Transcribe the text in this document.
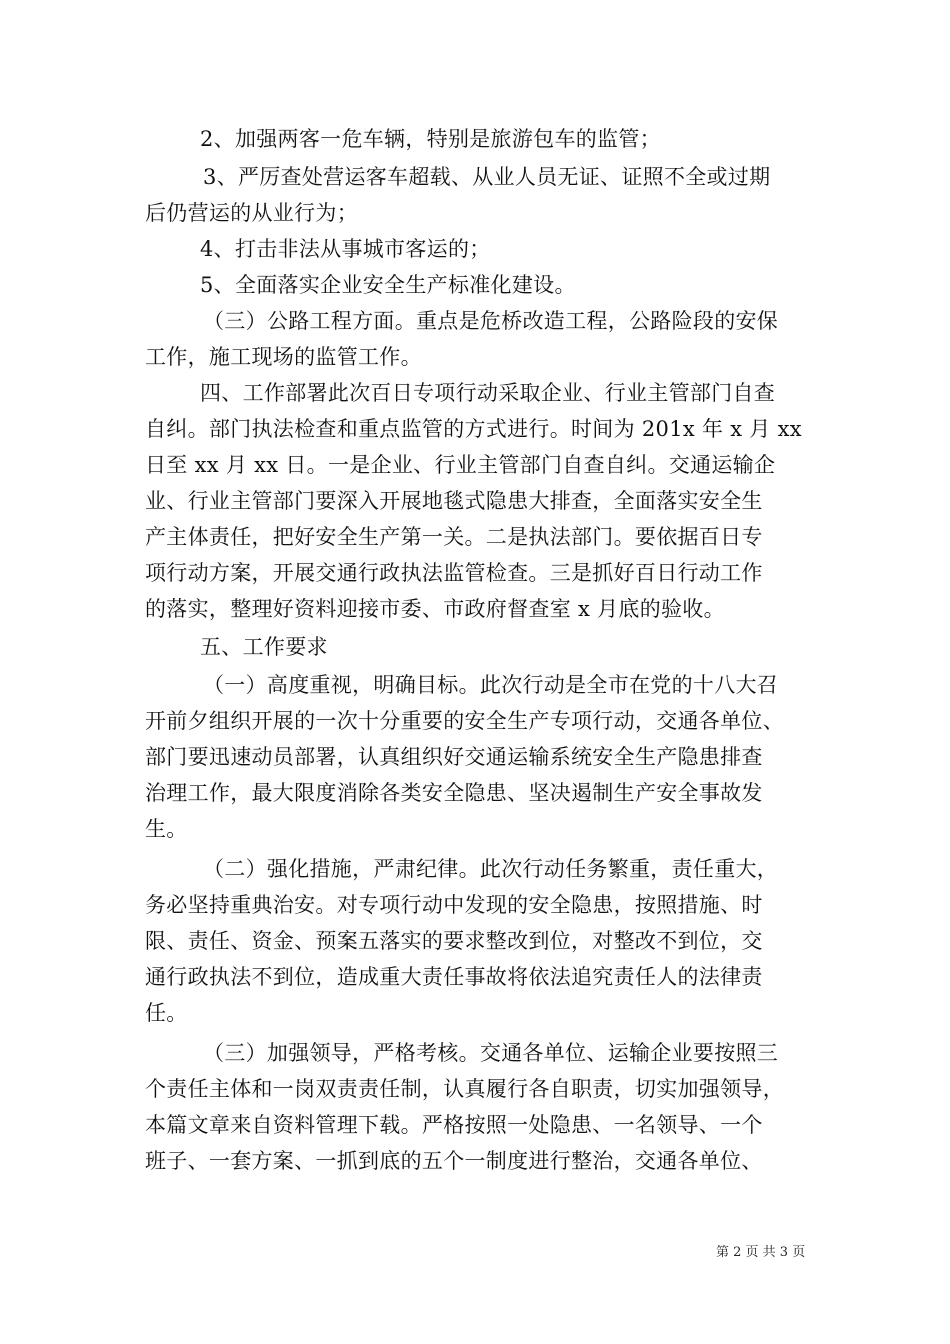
2、加强两客一危车辆，特别是旅游包车的监管；
3、严厉查处营运客车超载、从业人员无证、证照不全或过期
后仍营运的从业行为；
4、打击非法从事城市客运的；
5、全面落实企业安全生产标准化建设。
（三）公路工程方面。重点是危桥改造工程，公路险段的安保
工作，施工现场的监管工作。
四、工作部署此次百日专项行动采取企业、行业主管部门自查
自纠。部门执法检查和重点监管的方式进行。时间为 201x 年 x 月 xx
日至 xx 月 xx 日。一是企业、行业主管部门自查自纠。交通运输企
业、行业主管部门要深入开展地毯式隐患大排查，全面落实安全生
产主体责任，把好安全生产第一关。二是执法部门。要依据百日专
项行动方案，开展交通行政执法监管检查。三是抓好百日行动工作
的落实，整理好资料迎接市委、市政府督查室 x 月底的验收。
五、工作要求
（一）高度重视，明确目标。此次行动是全市在党的十八大召
开前夕组织开展的一次十分重要的安全生产专项行动，交通各单位、
部门要迅速动员部署，认真组织好交通运输系统安全生产隐患排查
治理工作，最大限度消除各类安全隐患、坚决遏制生产安全事故发
生。
（二）强化措施，严肃纪律。此次行动任务繁重，责任重大，
务必坚持重典治安。对专项行动中发现的安全隐患，按照措施、时
限、责任、资金、预案五落实的要求整改到位，对整改不到位，交
通行政执法不到位，造成重大责任事故将依法追究责任人的法律责
任。
（三）加强领导，严格考核。交通各单位、运输企业要按照三
个责任主体和一岗双责责任制，认真履行各自职责，切实加强领导，
本篇文章来自资料管理下载。严格按照一处隐患、一名领导、一个
班子、一套方案、一抓到底的五个一制度进行整治，交通各单位、
第 2 页 共 3 页
